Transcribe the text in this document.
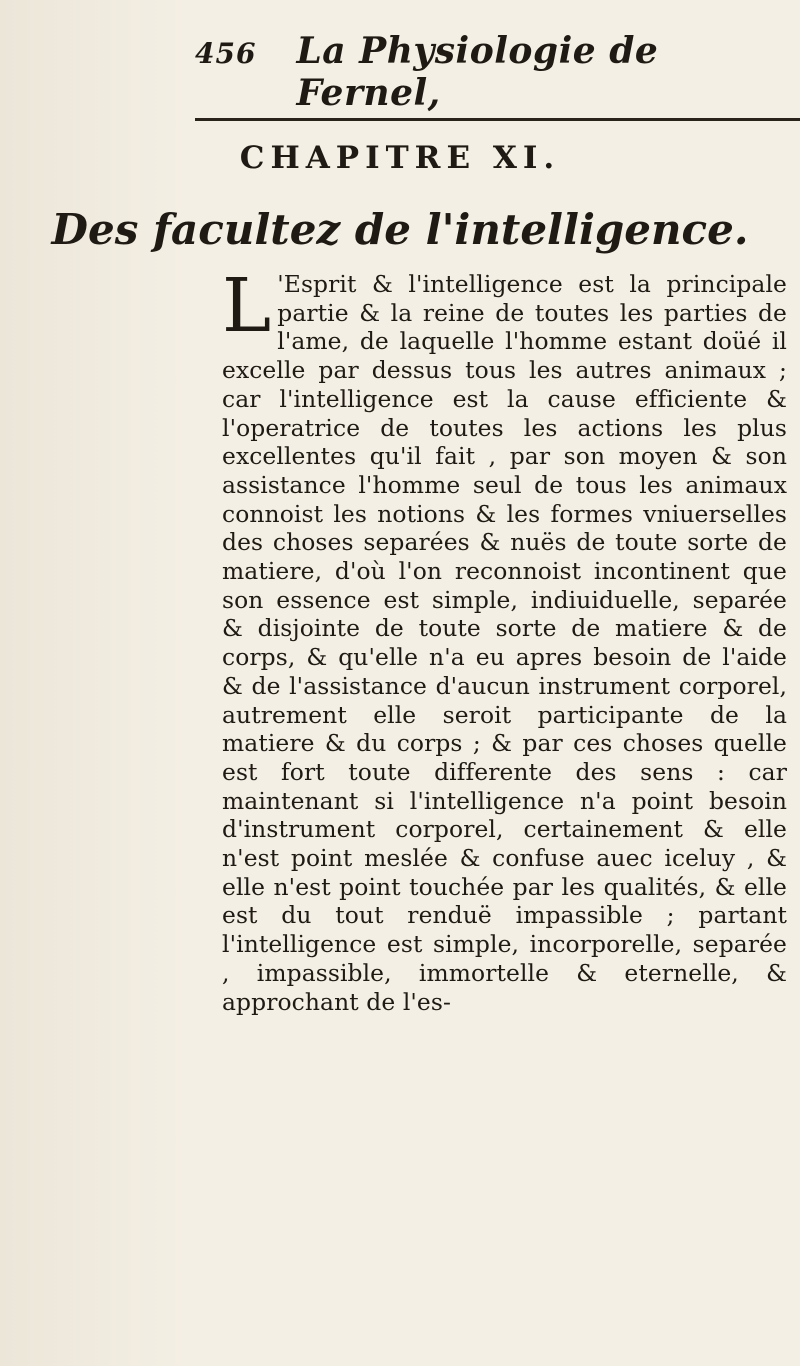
456 La Physiologie de Fernel,
CHAPITRE XI.
Des facultez de l'intelligence.
L 'Esprit & l'intelligence est la principale partie & la reine de toutes les parties de l'ame, de laquelle l'homme estant doüé il excelle par dessus tous les autres animaux ; car l'intelligence est la cause efficiente & l'operatrice de toutes les actions les plus excellentes qu'il fait , par son moyen & son assistance l'homme seul de tous les animaux connoist les notions & les formes vniuerselles des choses separées & nuës de toute sorte de matiere, d'où l'on reconnoist incontinent que son essence est simple, indiuiduelle, separée & disjointe de toute sorte de matiere & de corps, & qu'elle n'a eu apres besoin de l'aide & de l'assistance d'aucun instrument corporel, autrement elle seroit participante de la matiere & du corps ; & par ces choses quelle est fort toute differente des sens : car maintenant si l'intelligence n'a point besoin d'instrument corporel, certainement & elle n'est point meslée & confuse auec iceluy , & elle n'est point touchée par les qualités, & elle est du tout renduë impassible ; partant l'intelligence est simple, incorporelle, separée , impassible, immortelle & eternelle, & approchant de l'es-
